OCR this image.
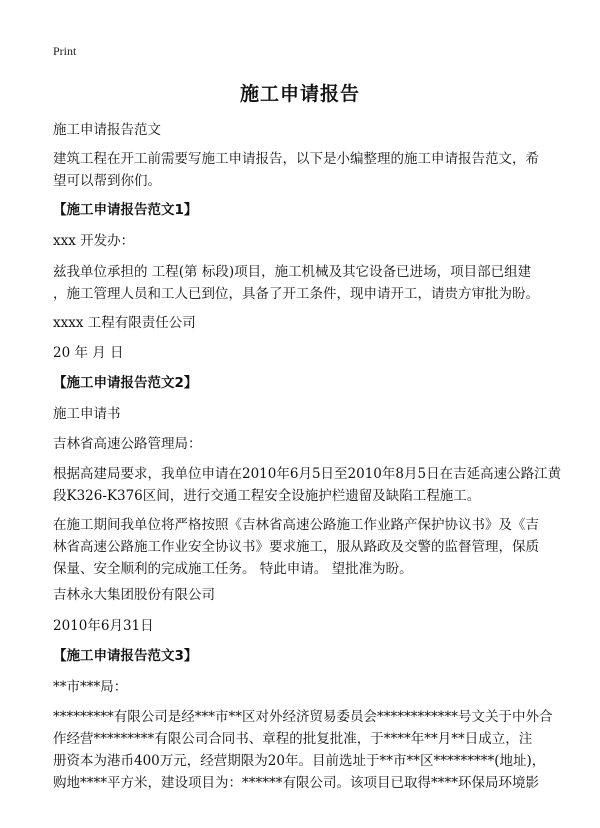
Print
施工申请报告

施工申请报告范文

建筑工程在开工前需要写施工申请报告，以下是小编整理的施工申请报告范文，希
望可以帮到你们。

【施工申请报告范文1】

xxx 开发办：

兹我单位承担的 工程(第 标段)项目，施工机械及其它设备已进场，项目部已组建
，施工管理人员和工人已到位，具备了开工条件，现申请开工，请贵方审批为盼。

xxxx 工程有限责任公司

20 年 月 日

【施工申请报告范文2】

施工申请书

吉林省高速公路管理局：

根据高建局要求，我单位申请在2010年6月5日至2010年8月5日在吉延高速公路江黄
段K326-K376区间，进行交通工程安全设施护栏遗留及缺陷工程施工。

在施工期间我单位将严格按照《吉林省高速公路施工作业路产保护协议书》及《吉
林省高速公路施工作业安全协议书》要求施工，服从路政及交警的监督管理，保质
保量、安全顺利的完成施工任务。 特此申请。 望批准为盼。

吉林永大集团股份有限公司

2010年6月31日

【施工申请报告范文3】

**市***局：

*********有限公司是经***市**区对外经济贸易委员会************号文关于中外合
作经营*********有限公司合同书、章程的批复批准，于****年**月**日成立，注
册资本为港币400万元，经营期限为20年。目前选址于**市**区*********(地址)，
购地****平方米，建设项目为：******有限公司。该项目已取得****环保局环境影
